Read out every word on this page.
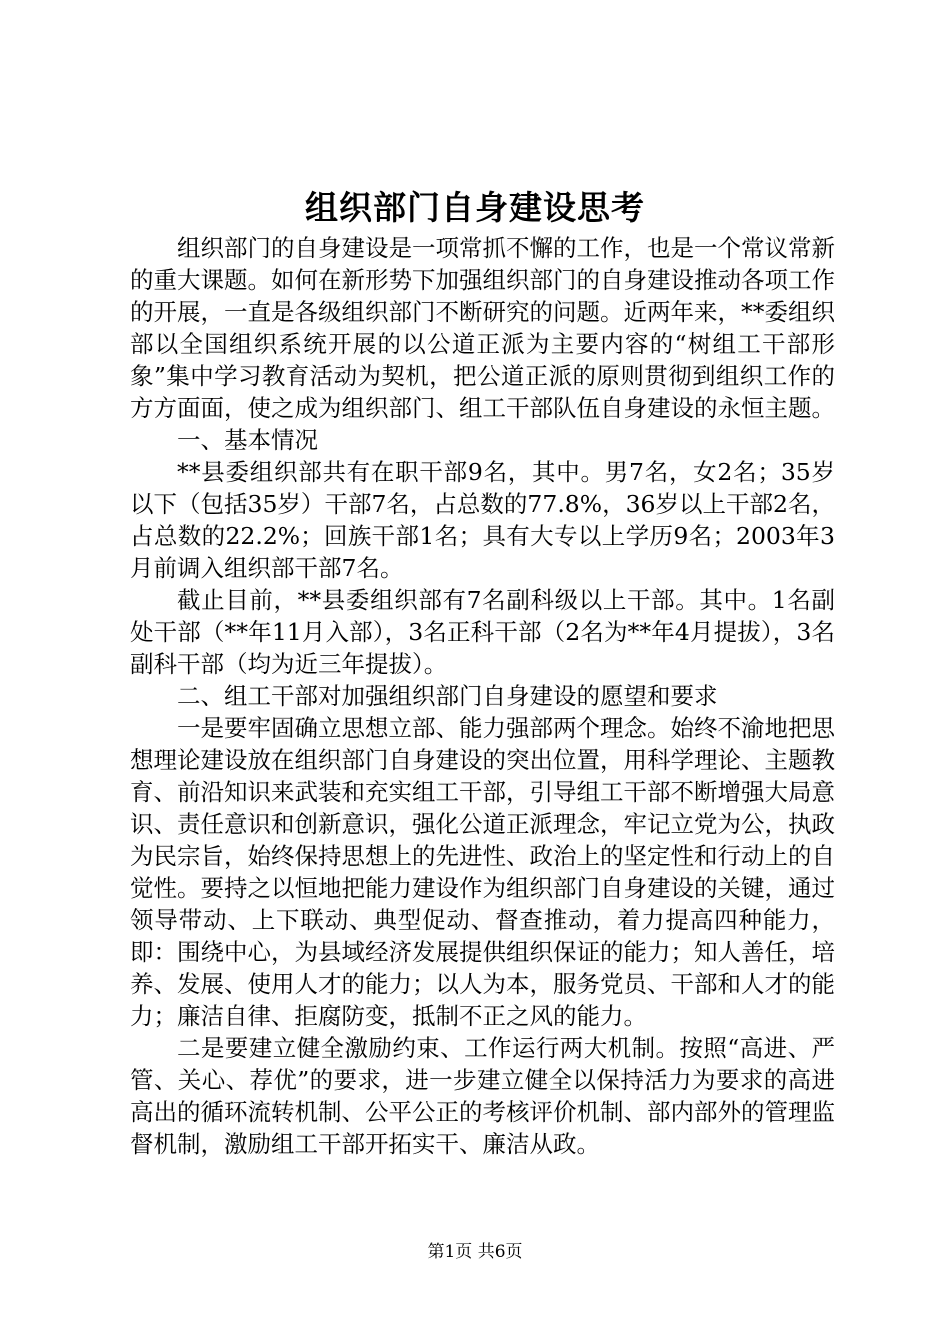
组织部门自身建设思考

组织部门的自身建设是一项常抓不懈的工作，也是一个常议常新的重大课题。如何在新形势下加强组织部门的自身建设推动各项工作的开展，一直是各级组织部门不断研究的问题。近两年来，**委组织部以全国组织系统开展的以公道正派为主要内容的“树组工干部形象”集中学习教育活动为契机，把公道正派的原则贯彻到组织工作的方方面面，使之成为组织部门、组工干部队伍自身建设的永恒主题。

一、基本情况

**县委组织部共有在职干部9名，其中。男7名，女2名；35岁以下（包括35岁）干部7名，占总数的77.8%，36岁以上干部2名，占总数的22.2%；回族干部1名；具有大专以上学历9名；2003年3月前调入组织部干部7名。

截止目前，**县委组织部有7名副科级以上干部。其中。1名副处干部（**年11月入部），3名正科干部（2名为**年4月提拔），3名副科干部（均为近三年提拔）。

二、组工干部对加强组织部门自身建设的愿望和要求

一是要牢固确立思想立部、能力强部两个理念。始终不渝地把思想理论建设放在组织部门自身建设的突出位置，用科学理论、主题教育、前沿知识来武装和充实组工干部，引导组工干部不断增强大局意识、责任意识和创新意识，强化公道正派理念，牢记立党为公，执政为民宗旨，始终保持思想上的先进性、政治上的坚定性和行动上的自觉性。要持之以恒地把能力建设作为组织部门自身建设的关键，通过领导带动、上下联动、典型促动、督查推动，着力提高四种能力，即：围绕中心，为县域经济发展提供组织保证的能力；知人善任，培养、发展、使用人才的能力；以人为本，服务党员、干部和人才的能力；廉洁自律、拒腐防变，抵制不正之风的能力。

二是要建立健全激励约束、工作运行两大机制。按照“高进、严管、关心、荐优”的要求，进一步建立健全以保持活力为要求的高进高出的循环流转机制、公平公正的考核评价机制、部内部外的管理监督机制，激励组工干部开拓实干、廉洁从政。

第1页 共6页
